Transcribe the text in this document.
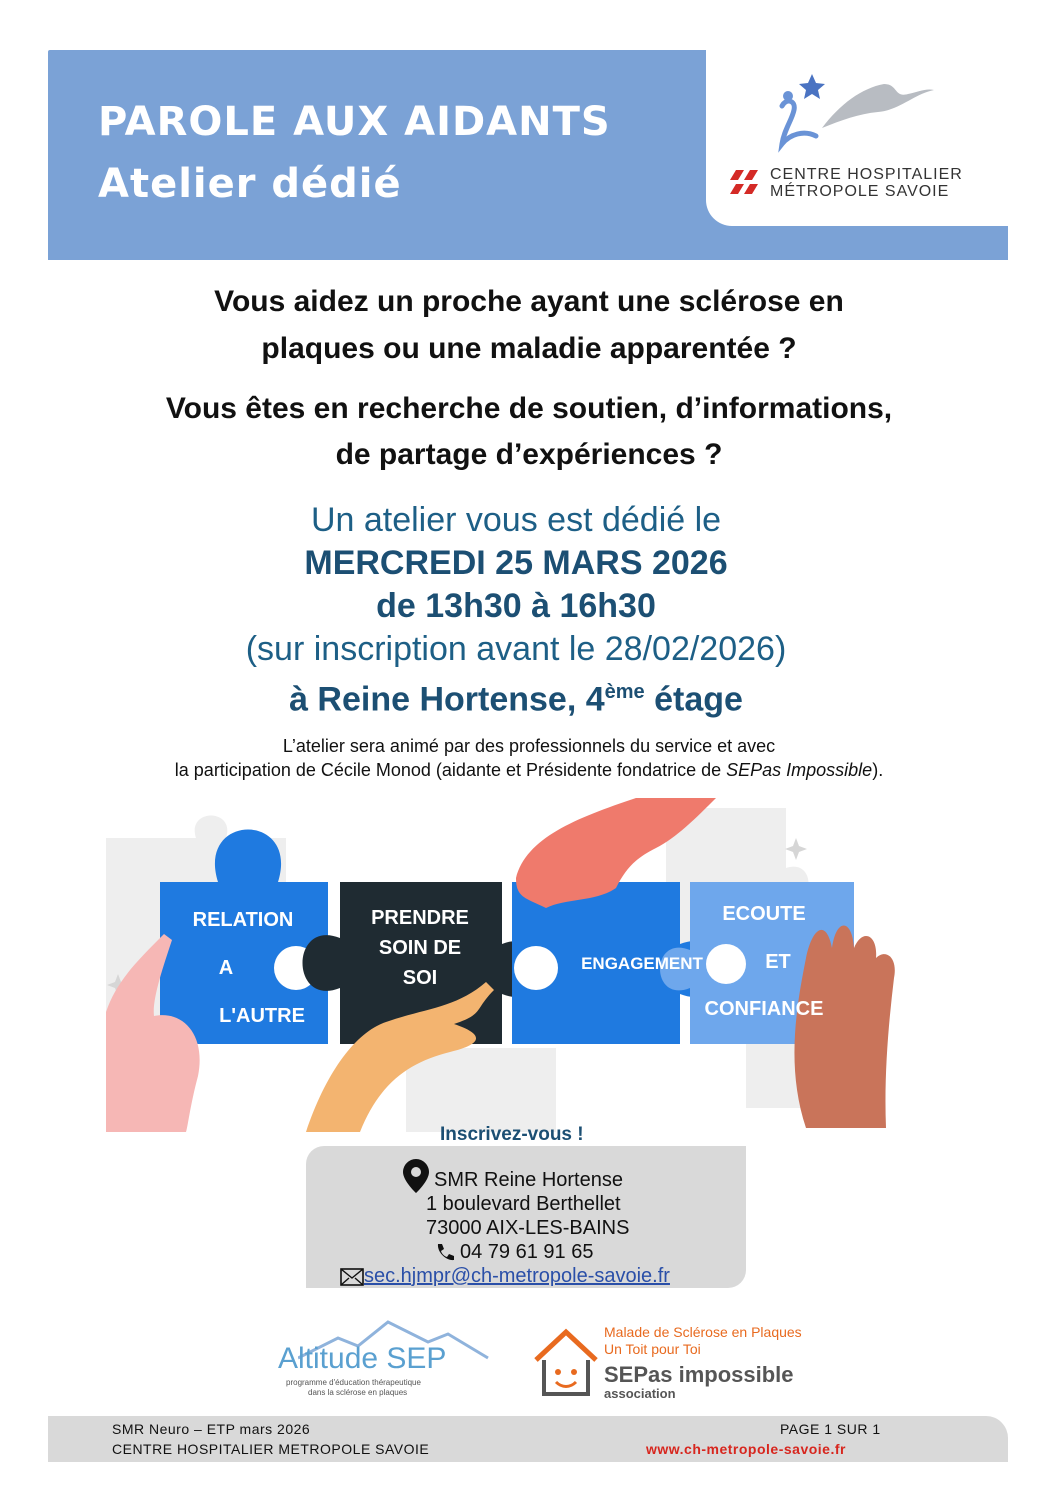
PAROLE AUX AIDANTS
Atelier dédié	CENTRE HOSPITALIER
MÉTROPOLE SAVOIE
Vous aidez un proche ayant une sclérose en
plaques ou une maladie apparentée ?
Vous êtes en recherche de soutien, d’informations,
de partage d’expériences ?
Un atelier vous est dédié le
MERCREDI 25 MARS 2026
de 13h30 à 16h30
(sur inscription avant le 28/02/2026)
à Reine Hortense, 4ème étage
L’atelier sera animé par des professionnels du service et avec
la participation de Cécile Monod (aidante et Présidente fondatrice de SEPas Impossible).
RELATION
A
L'AUTRE
PRENDRE
SOIN DE
SOI
ENGAGEMENT
ECOUTE
ET
CONFIANCE
Inscrivez-vous !
SMR Reine Hortense
1 boulevard Berthellet
73000 AIX-LES-BAINS
04 79 61 91 65
sec.hjmpr@ch-metropole-savoie.fr
Altitude SEP
programme d'éducation thérapeutique
dans la sclérose en plaques
Malade de Sclérose en Plaques
Un Toit pour Toi
SEPas impossible
association
SMR Neuro – ETP mars 2026
CENTRE HOSPITALIER METROPOLE SAVOIE
PAGE 1 SUR 1
www.ch-metropole-savoie.fr
